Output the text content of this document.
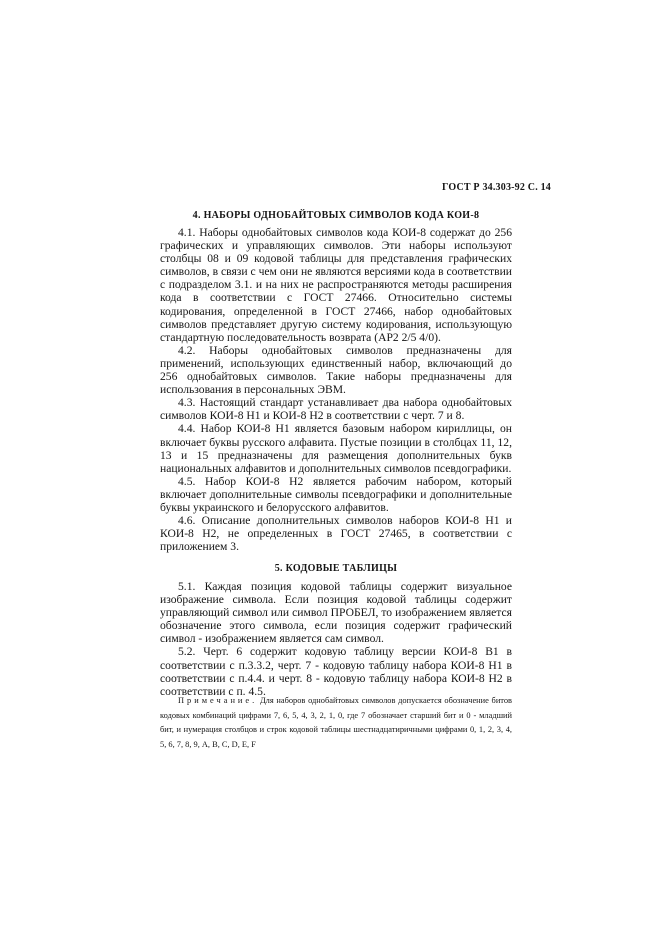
ГОСТ Р 34.303-92 С. 14

4. НАБОРЫ ОДНОБАЙТОВЫХ СИМВОЛОВ КОДА КОИ-8

4.1. Наборы однобайтовых символов кода КОИ-8 содержат до 256 графических и управляющих символов. Эти наборы используют столбцы 08 и 09 кодовой таблицы для представления графических символов, в связи с чем они не являются версиями кода в соответствии с подразделом 3.1. и на них не распространяются методы расширения кода в соответствии с ГОСТ 27466. Относительно системы кодирования, определенной в ГОСТ 27466, набор однобайтовых символов представляет другую систему кодирования, использующую стандартную последовательность возврата (АР2 2/5 4/0).

4.2. Наборы однобайтовых символов предназначены для применений, использующих единственный набор, включающий до 256 однобайтовых символов. Такие наборы предназначены для использования в персональных ЭВМ.

4.3. Настоящий стандарт устанавливает два набора однобайтовых символов КОИ-8 Н1 и КОИ-8 Н2 в соответствии с черт. 7 и 8.

4.4. Набор КОИ-8 Н1 является базовым набором кириллицы, он включает буквы русского алфавита. Пустые позиции в столбцах 11, 12, 13 и 15 предназначены для размещения дополнительных букв национальных алфавитов и дополнительных символов псевдографики.

4.5. Набор КОИ-8 Н2 является рабочим набором, который включает дополнительные символы псевдографики и дополнительные буквы украинского и белорусского алфавитов.

4.6. Описание дополнительных символов наборов КОИ-8 Н1 и КОИ-8 Н2, не определенных в ГОСТ 27465, в соответствии с приложением 3.

5. КОДОВЫЕ ТАБЛИЦЫ

5.1. Каждая позиция кодовой таблицы содержит визуальное изображение символа. Если позиция кодовой таблицы содержит управляющий символ или символ ПРОБЕЛ, то изображением является обозначение этого символа, если позиция содержит графический символ - изображением является сам символ.

5.2. Черт. 6 содержит кодовую таблицу версии КОИ-8 В1 в соответствии с п.3.3.2, черт. 7 - кодовую таблицу набора КОИ-8 Н1 в соответствии с п.4.4. и черт. 8 - кодовую таблицу набора КОИ-8 Н2 в соответствии с п. 4.5.

Примечание. Для наборов однобайтовых символов допускается обозначение битов кодовых комбинаций цифрами 7, 6, 5, 4, 3, 2, 1, 0, где 7 обозначает старший бит и 0 - младший бит, и нумерация столбцов и строк кодовой таблицы шестнадцатиричными цифрами 0, 1, 2, 3, 4, 5, 6, 7, 8, 9, A, B, C, D, E, F
